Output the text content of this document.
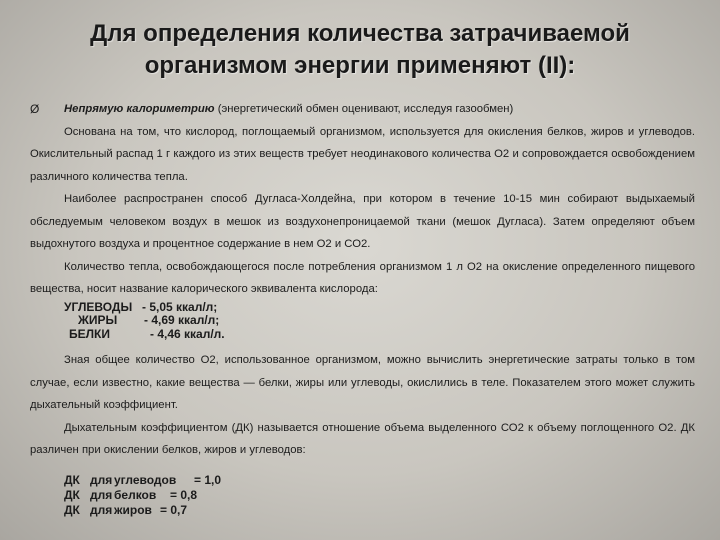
Для определения количества затрачиваемой
организмом энергии применяют (II):
Ø Непрямую калориметрию (энергетический обмен оценивают, исследуя газообмен)

Основана на том, что кислород, поглощаемый организмом, используется для окисления белков, жиров и углеводов. Окислительный распад 1 г каждого из этих веществ требует неодинакового количества О2 и сопровождается освобождением различного количества тепла.

Наиболее распространен способ Дугласа-Холдейна, при котором в течение 10-15 мин собирают выдыхаемый обследуемым человеком воздух в мешок из воздухонепроницаемой ткани (мешок Дугласа). Затем определяют объем выдохнутого воздуха и процентное содержание в нем О2 и СО2.

Количество тепла, освобождающегося после потребления организмом 1 л О2 на окисление определенного пищевого вещества, носит название калорического эквивалента кислорода:

УГЛЕВОДЫ - 5,05 ккал/л;
ЖИРЫ	- 4,69 ккал/л;
БЕЛКИ	- 4,46 ккал/л.

Зная общее количество О2, использованное организмом, можно вычислить энергетические затраты только в том случае, если известно, какие вещества — белки, жиры или углеводы, окислились в теле. Показателем этого может служить дыхательный коэффициент.

Дыхательным коэффициентом (ДК) называется отношение объема выделенного СО2 к объему поглощенного О2. ДК различен при окислении белков, жиров и углеводов:

ДК для углеводов	= 1,0
ДК для белков	= 0,8
ДК для жиров = 0,7
